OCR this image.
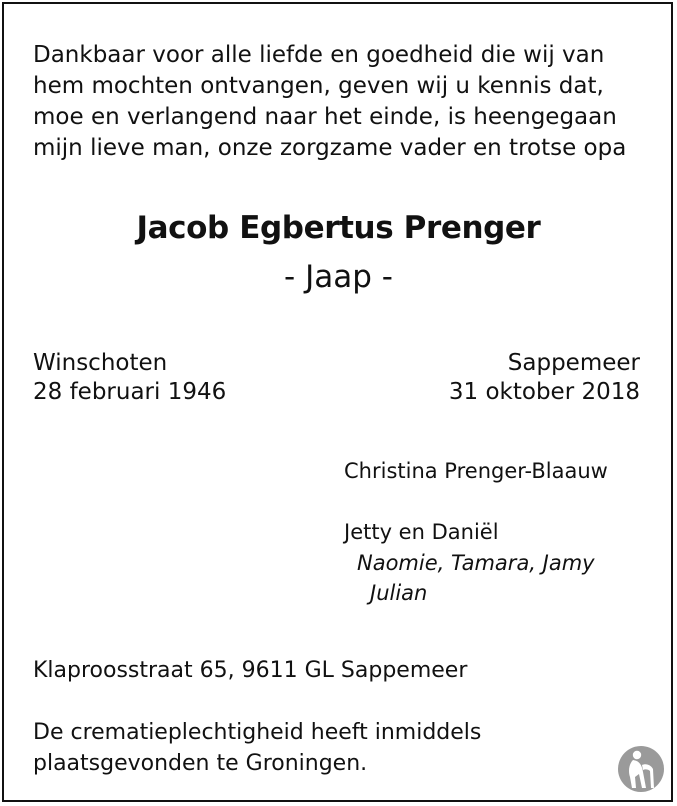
Dankbaar voor alle liefde en goedheid die wij van
hem mochten ontvangen, geven wij u kennis dat,
moe en verlangend naar het einde, is heengegaan
mijn lieve man, onze zorgzame vader en trotse opa
Jacob Egbertus Prenger
- Jaap -
Winschoten
28 februari 1946
Sappemeer
31 oktober 2018
Christina Prenger-Blaauw
Jetty en Daniël
Naomie, Tamara, Jamy
Julian
Klaproosstraat 65, 9611 GL Sappemeer
De crematieplechtigheid heeft inmiddels
plaatsgevonden te Groningen.
